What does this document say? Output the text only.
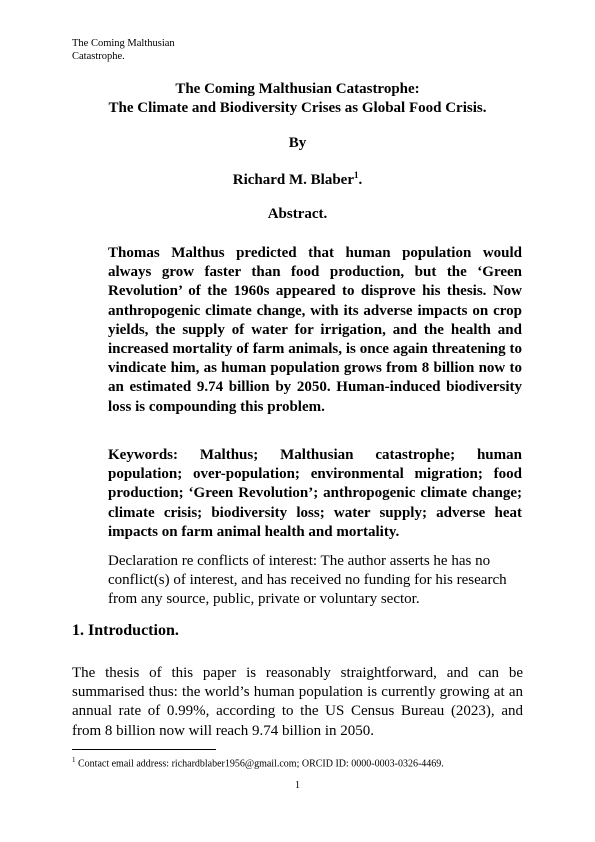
The Coming Malthusian Catastrophe.
The Coming Malthusian Catastrophe:
The Climate and Biodiversity Crises as Global Food Crisis.
By
Richard M. Blaber$^1$.
Abstract.

Thomas Malthus predicted that human population would always grow faster than food production, but the ‘Green Revolution’ of the 1960s appeared to disprove his thesis. Now anthropogenic climate change, with its adverse impacts on crop yields, the supply of water for irrigation, and the health and increased mortality of farm animals, is once again threatening to vindicate him, as human population grows from 8 billion now to an estimated 9.74 billion by 2050. Human-induced biodiversity loss is compounding this problem.

Keywords: Malthus; Malthusian catastrophe; human population; over-population; environmental migration; food production; ‘Green Revolution’; anthropogenic climate change; climate crisis; biodiversity loss; water supply; adverse heat impacts on farm animal health and mortality.

Declaration re conflicts of interest: The author asserts he has no conflict(s) of interest, and has received no funding for his research from any source, public, private or voluntary sector.

1. Introduction.

The thesis of this paper is reasonably straightforward, and can be summarised thus: the world’s human population is currently growing at an annual rate of 0.99%, according to the US Census Bureau (2023), and from 8 billion now will reach 9.74 billion in 2050.

$^1$ Contact email address: richardblaber1956@gmail.com; ORCID ID: 0000-0003-0326-4469.
1
